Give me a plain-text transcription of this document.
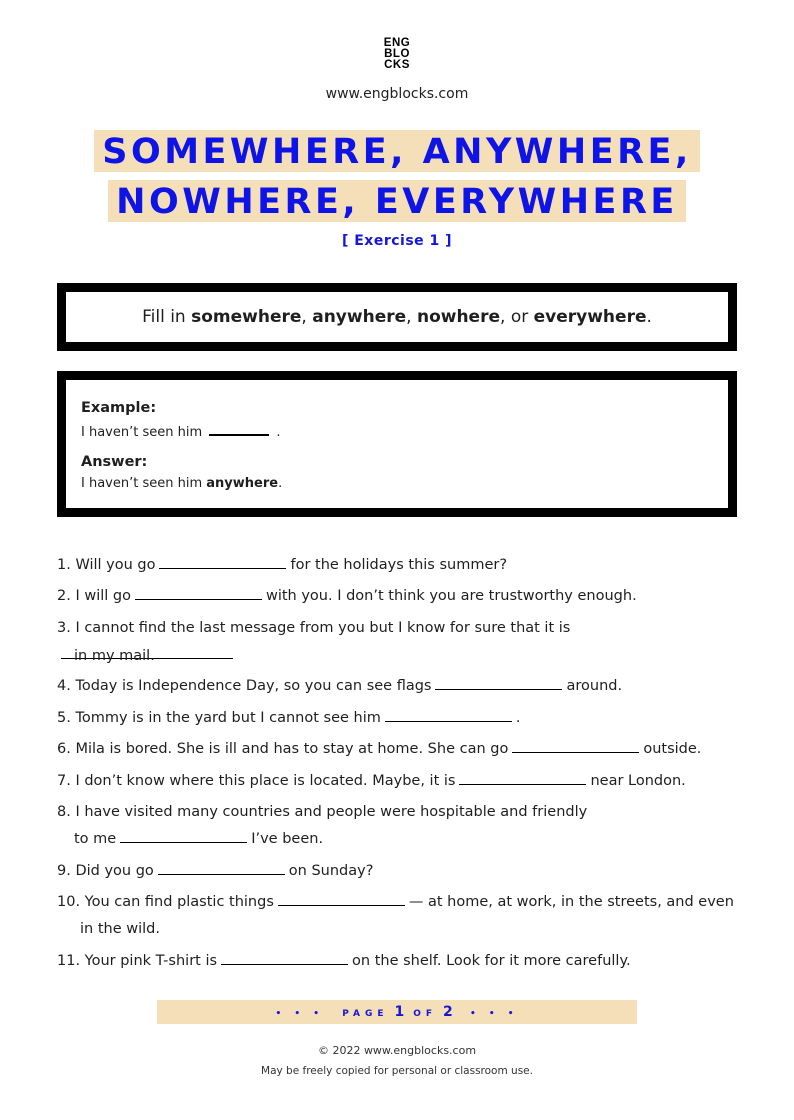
ENG
BLO
CKS
www.engblocks.com
SOMEWHERE, ANYWHERE,
NOWHERE, EVERYWHERE
[ Exercise 1 ]
Fill in somewhere, anywhere, nowhere, or everywhere.
Example:
I haven’t seen him	.
Answer:
I haven’t seen him anywhere.
1. Will you go	for the holidays this summer?
2. I will go	with you. I don’t think you are trustworthy enough.
3. I cannot find the last message from you but I know for sure that it is
in my mail.
4. Today is Independence Day, so you can see flags	around.
5. Tommy is in the yard but I cannot see him	.
6. Mila is bored. She is ill and has to stay at home. She can go	outside.
7. I don’t know where this place is located. Maybe, it is	near London.
8. I have visited many countries and people were hospitable and friendly
to me	I’ve been.
9. Did you go	on Sunday?
10. You can find plastic things	— at home, at work, in the streets, and even
in the wild.
11. Your pink T-shirt is	on the shelf. Look for it more carefully.
• • • PAGE 1 OF 2 • • •
© 2022 www.engblocks.com
May be freely copied for personal or classroom use.
